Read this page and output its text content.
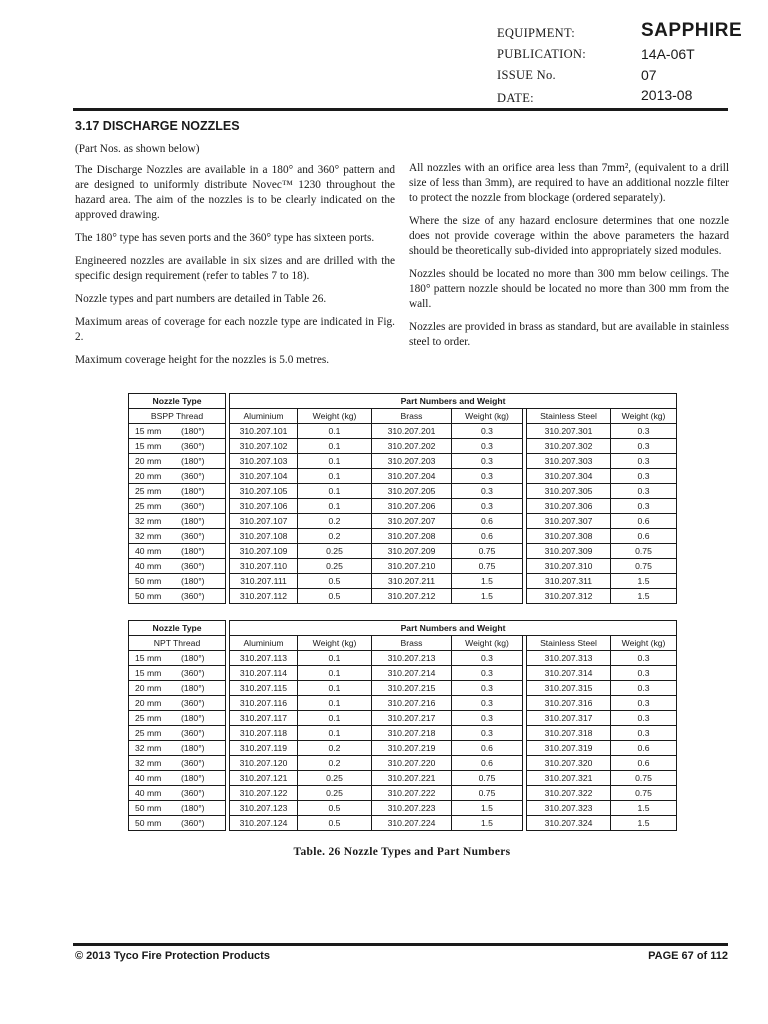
EQUIPMENT:	SAPPHIRE
PUBLICATION:	14A-06T
ISSUE No.	07
DATE:	2013-08
3.17 DISCHARGE NOZZLES

(Part Nos. as shown below)

The Discharge Nozzles are available in a 180° and 360° pattern and are designed to uniformly distribute Novec™ 1230 throughout the hazard area. The aim of the nozzles is to be clearly indicated on the approved drawing.

The 180° type has seven ports and the 360° type has sixteen ports.

Engineered nozzles are available in six sizes and are drilled with the specific design requirement (refer to tables 7 to 18).

Nozzle types and part numbers are detailed in Table 26.

Maximum areas of coverage for each nozzle type are indicated in Fig. 2.

Maximum coverage height for the nozzles is 5.0 metres.

All nozzles with an orifice area less than 7mm², (equivalent to a drill size of less than 3mm), are required to have an additional nozzle filter to protect the nozzle from blockage (ordered separately).

Where the size of any hazard enclosure determines that one nozzle does not provide coverage within the above parameters the hazard should be theoretically sub-divided into appropriately sized modules.

Nozzles should be located no more than 300 mm below ceilings. The 180° pattern nozzle should be located no more than 300 mm from the wall.

Nozzles are provided in brass as standard, but are available in stainless steel to order.

Nozzle Type		Part Numbers and Weight						
BSPP Thread		Aluminium	Weight (kg)	Brass	Weight (kg)		Stainless Steel	Weight (kg)
15 mm (180°)		310.207.101	0.1	310.207.201	0.3		310.207.301	0.3
15 mm (360°)		310.207.102	0.1	310.207.202	0.3		310.207.302	0.3
20 mm (180°)		310.207.103	0.1	310.207.203	0.3		310.207.303	0.3
20 mm (360°)		310.207.104	0.1	310.207.204	0.3		310.207.304	0.3
25 mm (180°)		310.207.105	0.1	310.207.205	0.3		310.207.305	0.3
25 mm (360°)		310.207.106	0.1	310.207.206	0.3		310.207.306	0.3
32 mm (180°)		310.207.107	0.2	310.207.207	0.6		310.207.307	0.6
32 mm (360°)		310.207.108	0.2	310.207.208	0.6		310.207.308	0.6
40 mm (180°)		310.207.109	0.25	310.207.209	0.75		310.207.309	0.75
40 mm (360°)		310.207.110	0.25	310.207.210	0.75		310.207.310	0.75
50 mm (180°)		310.207.111	0.5	310.207.211	1.5		310.207.311	1.5
50 mm (360°)		310.207.112	0.5	310.207.212	1.5		310.207.312	1.5
Nozzle Type		Part Numbers and Weight						
NPT Thread		Aluminium	Weight (kg)	Brass	Weight (kg)		Stainless Steel	Weight (kg)
15 mm (180°)		310.207.113	0.1	310.207.213	0.3		310.207.313	0.3
15 mm (360°)		310.207.114	0.1	310.207.214	0.3		310.207.314	0.3
20 mm (180°)		310.207.115	0.1	310.207.215	0.3		310.207.315	0.3
20 mm (360°)		310.207.116	0.1	310.207.216	0.3		310.207.316	0.3
25 mm (180°)		310.207.117	0.1	310.207.217	0.3		310.207.317	0.3
25 mm (360°)		310.207.118	0.1	310.207.218	0.3		310.207.318	0.3
32 mm (180°)		310.207.119	0.2	310.207.219	0.6		310.207.319	0.6
32 mm (360°)		310.207.120	0.2	310.207.220	0.6		310.207.320	0.6
40 mm (180°)		310.207.121	0.25	310.207.221	0.75		310.207.321	0.75
40 mm (360°)		310.207.122	0.25	310.207.222	0.75		310.207.322	0.75
50 mm (180°)		310.207.123	0.5	310.207.223	1.5		310.207.323	1.5
50 mm (360°)		310.207.124	0.5	310.207.224	1.5		310.207.324	1.5
Table. 26 Nozzle Types and Part Numbers
© 2013 Tyco Fire Protection Products	PAGE 67 of 112
